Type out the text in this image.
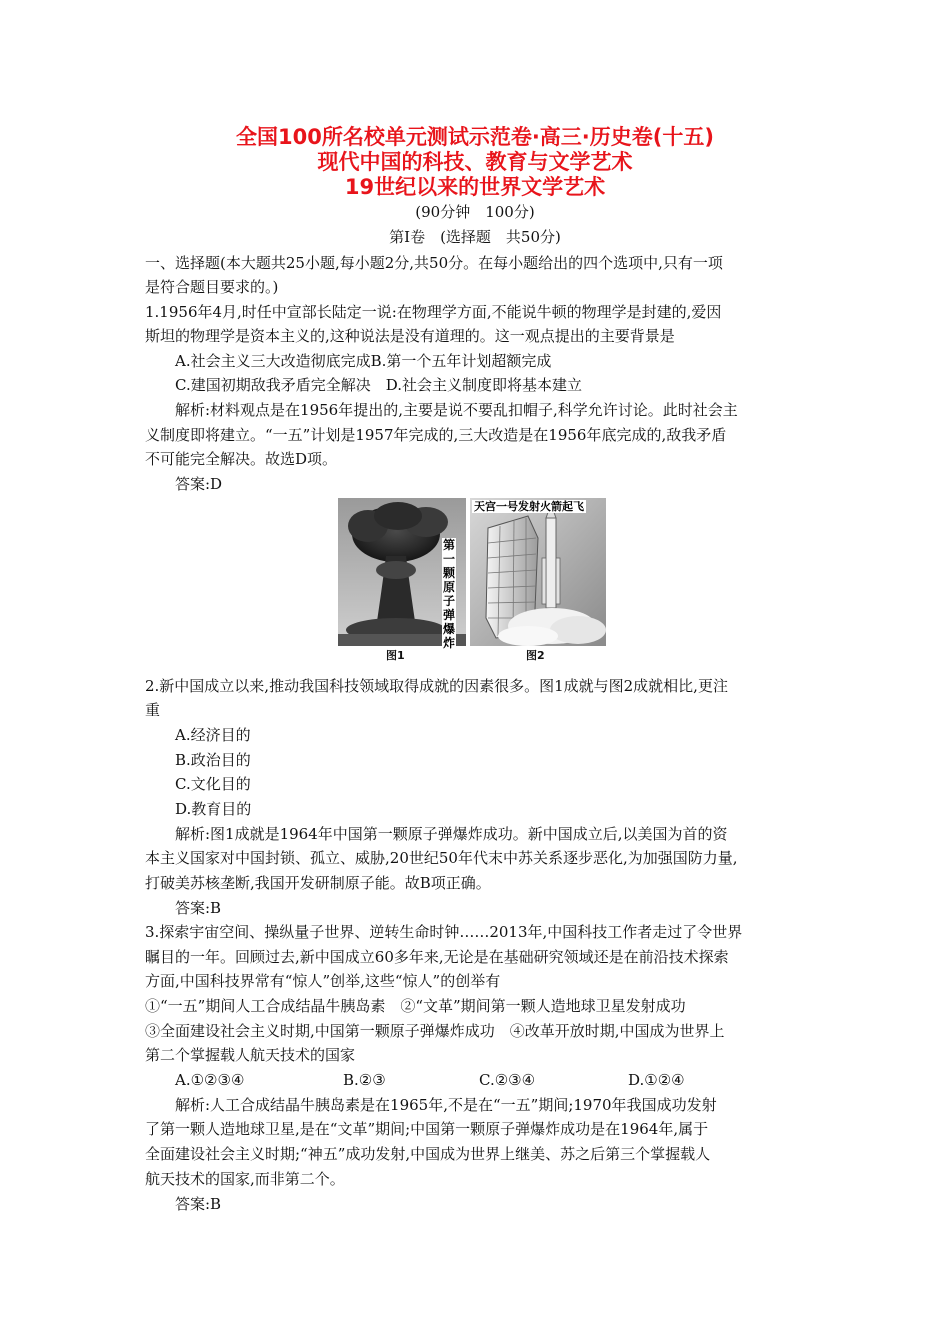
全国100所名校单元测试示范卷·高三·历史卷(十五)
现代中国的科技、教育与文学艺术
19世纪以来的世界文学艺术
(90分钟　100分)
第Ⅰ卷　(选择题　共50分)
一、选择题(本大题共25小题,每小题2分,共50分。在每小题给出的四个选项中,只有一项
是符合题目要求的。)
1.1956年4月,时任中宣部长陆定一说:在物理学方面,不能说牛顿的物理学是封建的,爱因
斯坦的物理学是资本主义的,这种说法是没有道理的。这一观点提出的主要背景是
A.社会主义三大改造彻底完成B.第一个五年计划超额完成
C.建国初期敌我矛盾完全解决　D.社会主义制度即将基本建立
解析:材料观点是在1956年提出的,主要是说不要乱扣帽子,科学允许讨论。此时社会主
义制度即将建立。“一五”计划是1957年完成的,三大改造是在1956年底完成的,敌我矛盾
不可能完全解决。故选D项。
答案:D
第一颗原子弹爆炸
天宫一号发射火箭起飞
图1	图2
2.新中国成立以来,推动我国科技领域取得成就的因素很多。图1成就与图2成就相比,更注
重
A.经济目的
B.政治目的
C.文化目的
D.教育目的
解析:图1成就是1964年中国第一颗原子弹爆炸成功。新中国成立后,以美国为首的资
本主义国家对中国封锁、孤立、威胁,20世纪50年代末中苏关系逐步恶化,为加强国防力量,
打破美苏核垄断,我国开发研制原子能。故B项正确。
答案:B
3.探索宇宙空间、操纵量子世界、逆转生命时钟……2013年,中国科技工作者走过了令世界
瞩目的一年。回顾过去,新中国成立60多年来,无论是在基础研究领域还是在前沿技术探索
方面,中国科技界常有“惊人”创举,这些“惊人”的创举有
①“一五”期间人工合成结晶牛胰岛素　②“文革”期间第一颗人造地球卫星发射成功
③全面建设社会主义时期,中国第一颗原子弹爆炸成功　④改革开放时期,中国成为世界上
第二个掌握载人航天技术的国家
A.①②③④	B.②③	C.②③④	D.①②④
解析:人工合成结晶牛胰岛素是在1965年,不是在“一五”期间;1970年我国成功发射
了第一颗人造地球卫星,是在“文革”期间;中国第一颗原子弹爆炸成功是在1964年,属于
全面建设社会主义时期;“神五”成功发射,中国成为世界上继美、苏之后第三个掌握载人
航天技术的国家,而非第二个。
答案:B
